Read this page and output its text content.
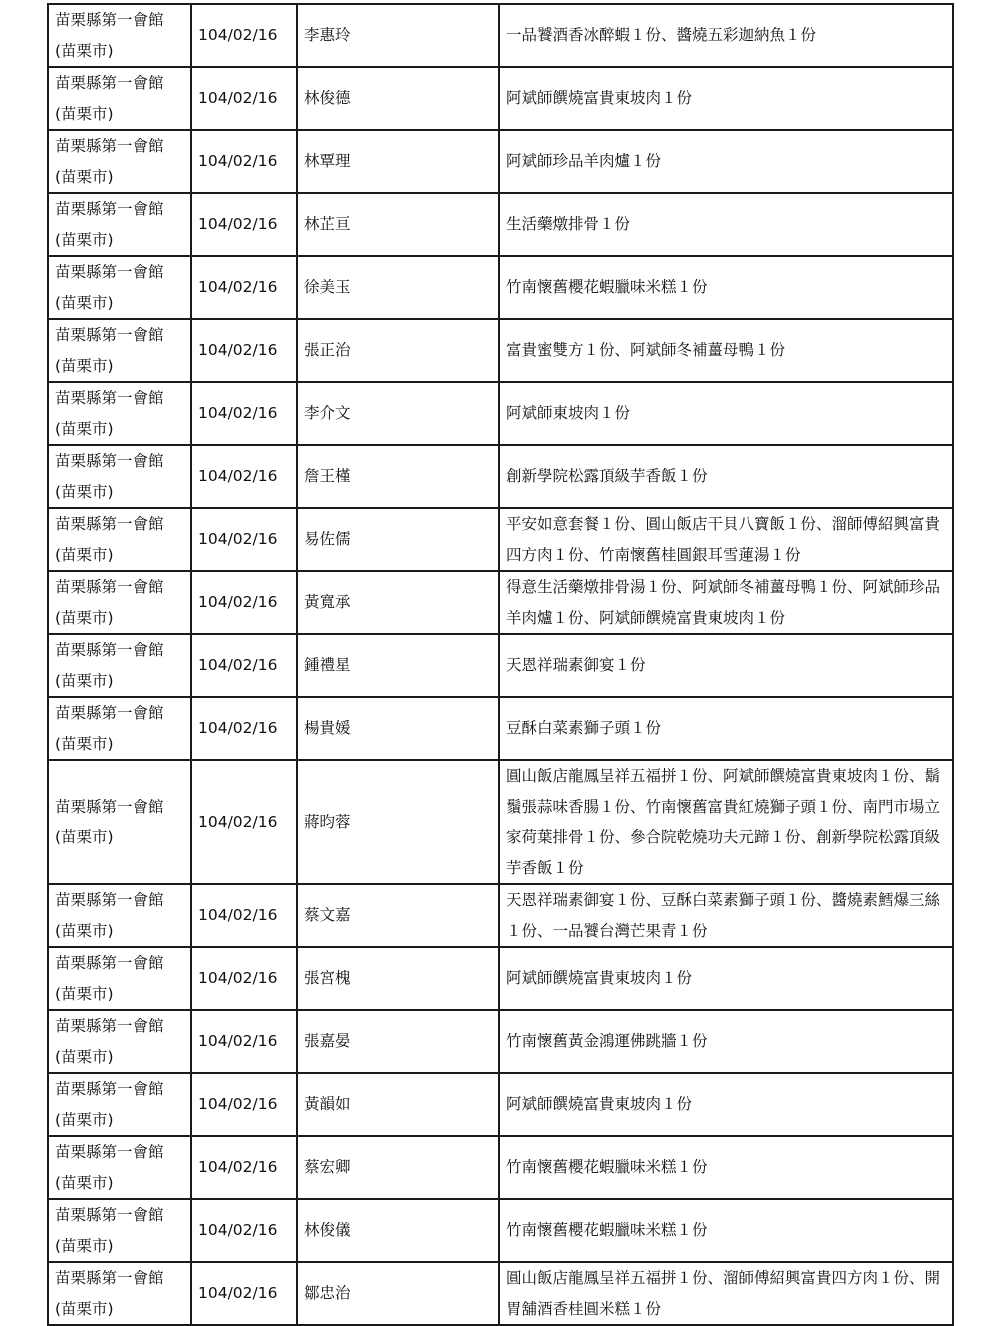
苗栗縣第一會館(苗栗市)	104/02/16	李惠玲	一品饕酒香冰醉蝦１份、醬燒五彩迦納魚１份
苗栗縣第一會館(苗栗市)	104/02/16	林俊德	阿斌師饌燒富貴東坡肉１份
苗栗縣第一會館(苗栗市)	104/02/16	林覃理	阿斌師珍品羊肉爐１份
苗栗縣第一會館(苗栗市)	104/02/16	林芷亘	生活藥燉排骨１份
苗栗縣第一會館(苗栗市)	104/02/16	徐美玉	竹南懷舊櫻花蝦臘味米糕１份
苗栗縣第一會館(苗栗市)	104/02/16	張正治	富貴蜜雙方１份、阿斌師冬補薑母鴨１份
苗栗縣第一會館(苗栗市)	104/02/16	李介文	阿斌師東坡肉１份
苗栗縣第一會館(苗栗市)	104/02/16	詹王槿	創新學院松露頂級芋香飯１份
苗栗縣第一會館(苗栗市)	104/02/16	易佐儒	平安如意套餐１份、圓山飯店干貝八寶飯１份、溜師傅紹興富貴四方肉１份、竹南懷舊桂圓銀耳雪蓮湯１份
苗栗縣第一會館(苗栗市)	104/02/16	黃寬承	得意生活藥燉排骨湯１份、阿斌師冬補薑母鴨１份、阿斌師珍品羊肉爐１份、阿斌師饌燒富貴東坡肉１份
苗栗縣第一會館(苗栗市)	104/02/16	鍾禮星	天恩祥瑞素御宴１份
苗栗縣第一會館(苗栗市)	104/02/16	楊貴媛	豆酥白菜素獅子頭１份
苗栗縣第一會館(苗栗市)	104/02/16	蔣昀蓉	圓山飯店龍鳳呈祥五福拼１份、阿斌師饌燒富貴東坡肉１份、鬍鬚張蒜味香腸１份、竹南懷舊富貴紅燒獅子頭１份、南門市場立家荷葉排骨１份、參合院乾燒功夫元蹄１份、創新學院松露頂級芋香飯１份
苗栗縣第一會館(苗栗市)	104/02/16	蔡文嘉	天恩祥瑞素御宴１份、豆酥白菜素獅子頭１份、醬燒素鱈爆三絲１份、一品饕台灣芒果青１份
苗栗縣第一會館(苗栗市)	104/02/16	張宮槐	阿斌師饌燒富貴東坡肉１份
苗栗縣第一會館(苗栗市)	104/02/16	張嘉晏	竹南懷舊黃金鴻運佛跳牆１份
苗栗縣第一會館(苗栗市)	104/02/16	黃韻如	阿斌師饌燒富貴東坡肉１份
苗栗縣第一會館(苗栗市)	104/02/16	蔡宏卿	竹南懷舊櫻花蝦臘味米糕１份
苗栗縣第一會館(苗栗市)	104/02/16	林俊儀	竹南懷舊櫻花蝦臘味米糕１份
苗栗縣第一會館(苗栗市)	104/02/16	鄒忠治	圓山飯店龍鳳呈祥五福拼１份、溜師傅紹興富貴四方肉１份、開胃舖酒香桂圓米糕１份
